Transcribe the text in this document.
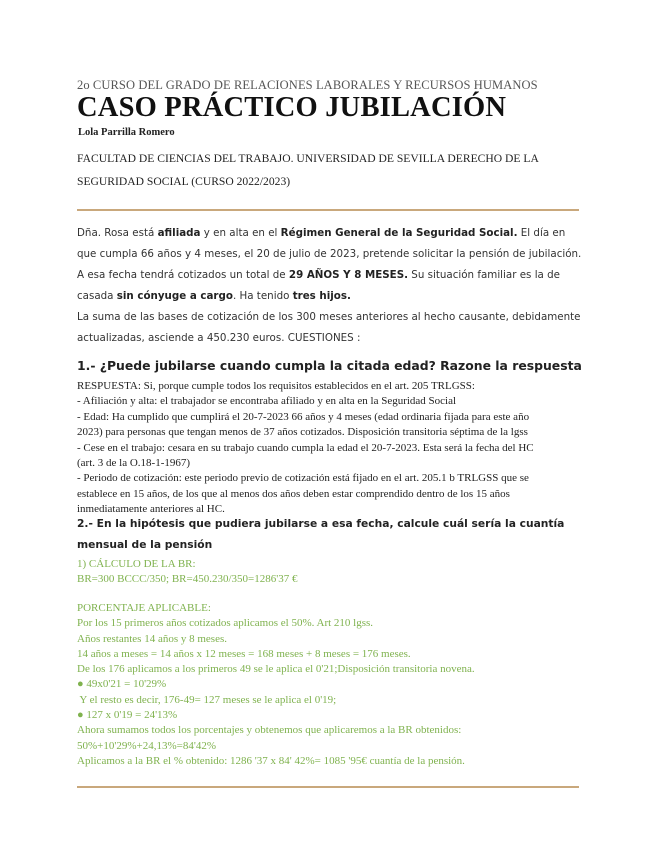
2o CURSO DEL GRADO DE RELACIONES LABORALES Y RECURSOS HUMANOS
CASO PRÁCTICO JUBILACIÓN
Lola Parrilla Romero
FACULTAD DE CIENCIAS DEL TRABAJO. UNIVERSIDAD DE SEVILLA DERECHO DE LA
SEGURIDAD SOCIAL (CURSO 2022/2023)
Dña. Rosa está afiliada y en alta en el Régimen General de la Seguridad Social. El día en que cumpla 66 años y 4 meses, el 20 de julio de 2023, pretende solicitar la pensión de jubilación. A esa fecha tendrá cotizados un total de 29 AÑOS Y 8 MESES. Su situación familiar es la de casada sin cónyuge a cargo. Ha tenido tres hijos.
La suma de las bases de cotización de los 300 meses anteriores al hecho causante, debidamente actualizadas, asciende a 450.230 euros. CUESTIONES :
1.- ¿Puede jubilarse cuando cumpla la citada edad? Razone la respuesta
RESPUESTA: Si, porque cumple todos los requisitos establecidos en el art. 205 TRLGSS:
- Afiliación y alta: el trabajador se encontraba afiliado y en alta en la Seguridad Social
- Edad: Ha cumplido que cumplirá el 20-7-2023 66 años y 4 meses (edad ordinaria fijada para este año
2023) para personas que tengan menos de 37 años cotizados. Disposición transitoria séptima de la lgss
- Cese en el trabajo: cesara en su trabajo cuando cumpla la edad el 20-7-2023. Esta será la fecha del HC
(art. 3 de la O.18-1-1967)
- Periodo de cotización: este periodo previo de cotización está fijado en el art. 205.1 b TRLGSS que se
establece en 15 años, de los que al menos dos años deben estar comprendido dentro de los 15 años
inmediatamente anteriores al HC.
2.- En la hipótesis que pudiera jubilarse a esa fecha, calcule cuál sería la cuantía mensual de la pensión
1) CÁLCULO DE LA BR:
BR=300 BCCC/350; BR=450.230/350=1286'37 €
PORCENTAJE APLICABLE:
Por los 15 primeros años cotizados aplicamos el 50%. Art 210 lgss.
Años restantes 14 años y 8 meses.
14 años a meses = 14 años x 12 meses = 168 meses + 8 meses = 176 meses.
De los 176 aplicamos a los primeros 49 se le aplica el 0'21;Disposición transitoria novena.
● 49x0'21 = 10'29%
Y el resto es decir, 176-49= 127 meses se le aplica el 0'19;
● 127 x 0'19 = 24'13%
Ahora sumamos todos los porcentajes y obtenemos que aplicaremos a la BR obtenidos:
50%+10'29%+24,13%=84'42%
Aplicamos a la BR el % obtenido: 1286 '37 x 84' 42%= 1085 '95€ cuantía de la pensión.
